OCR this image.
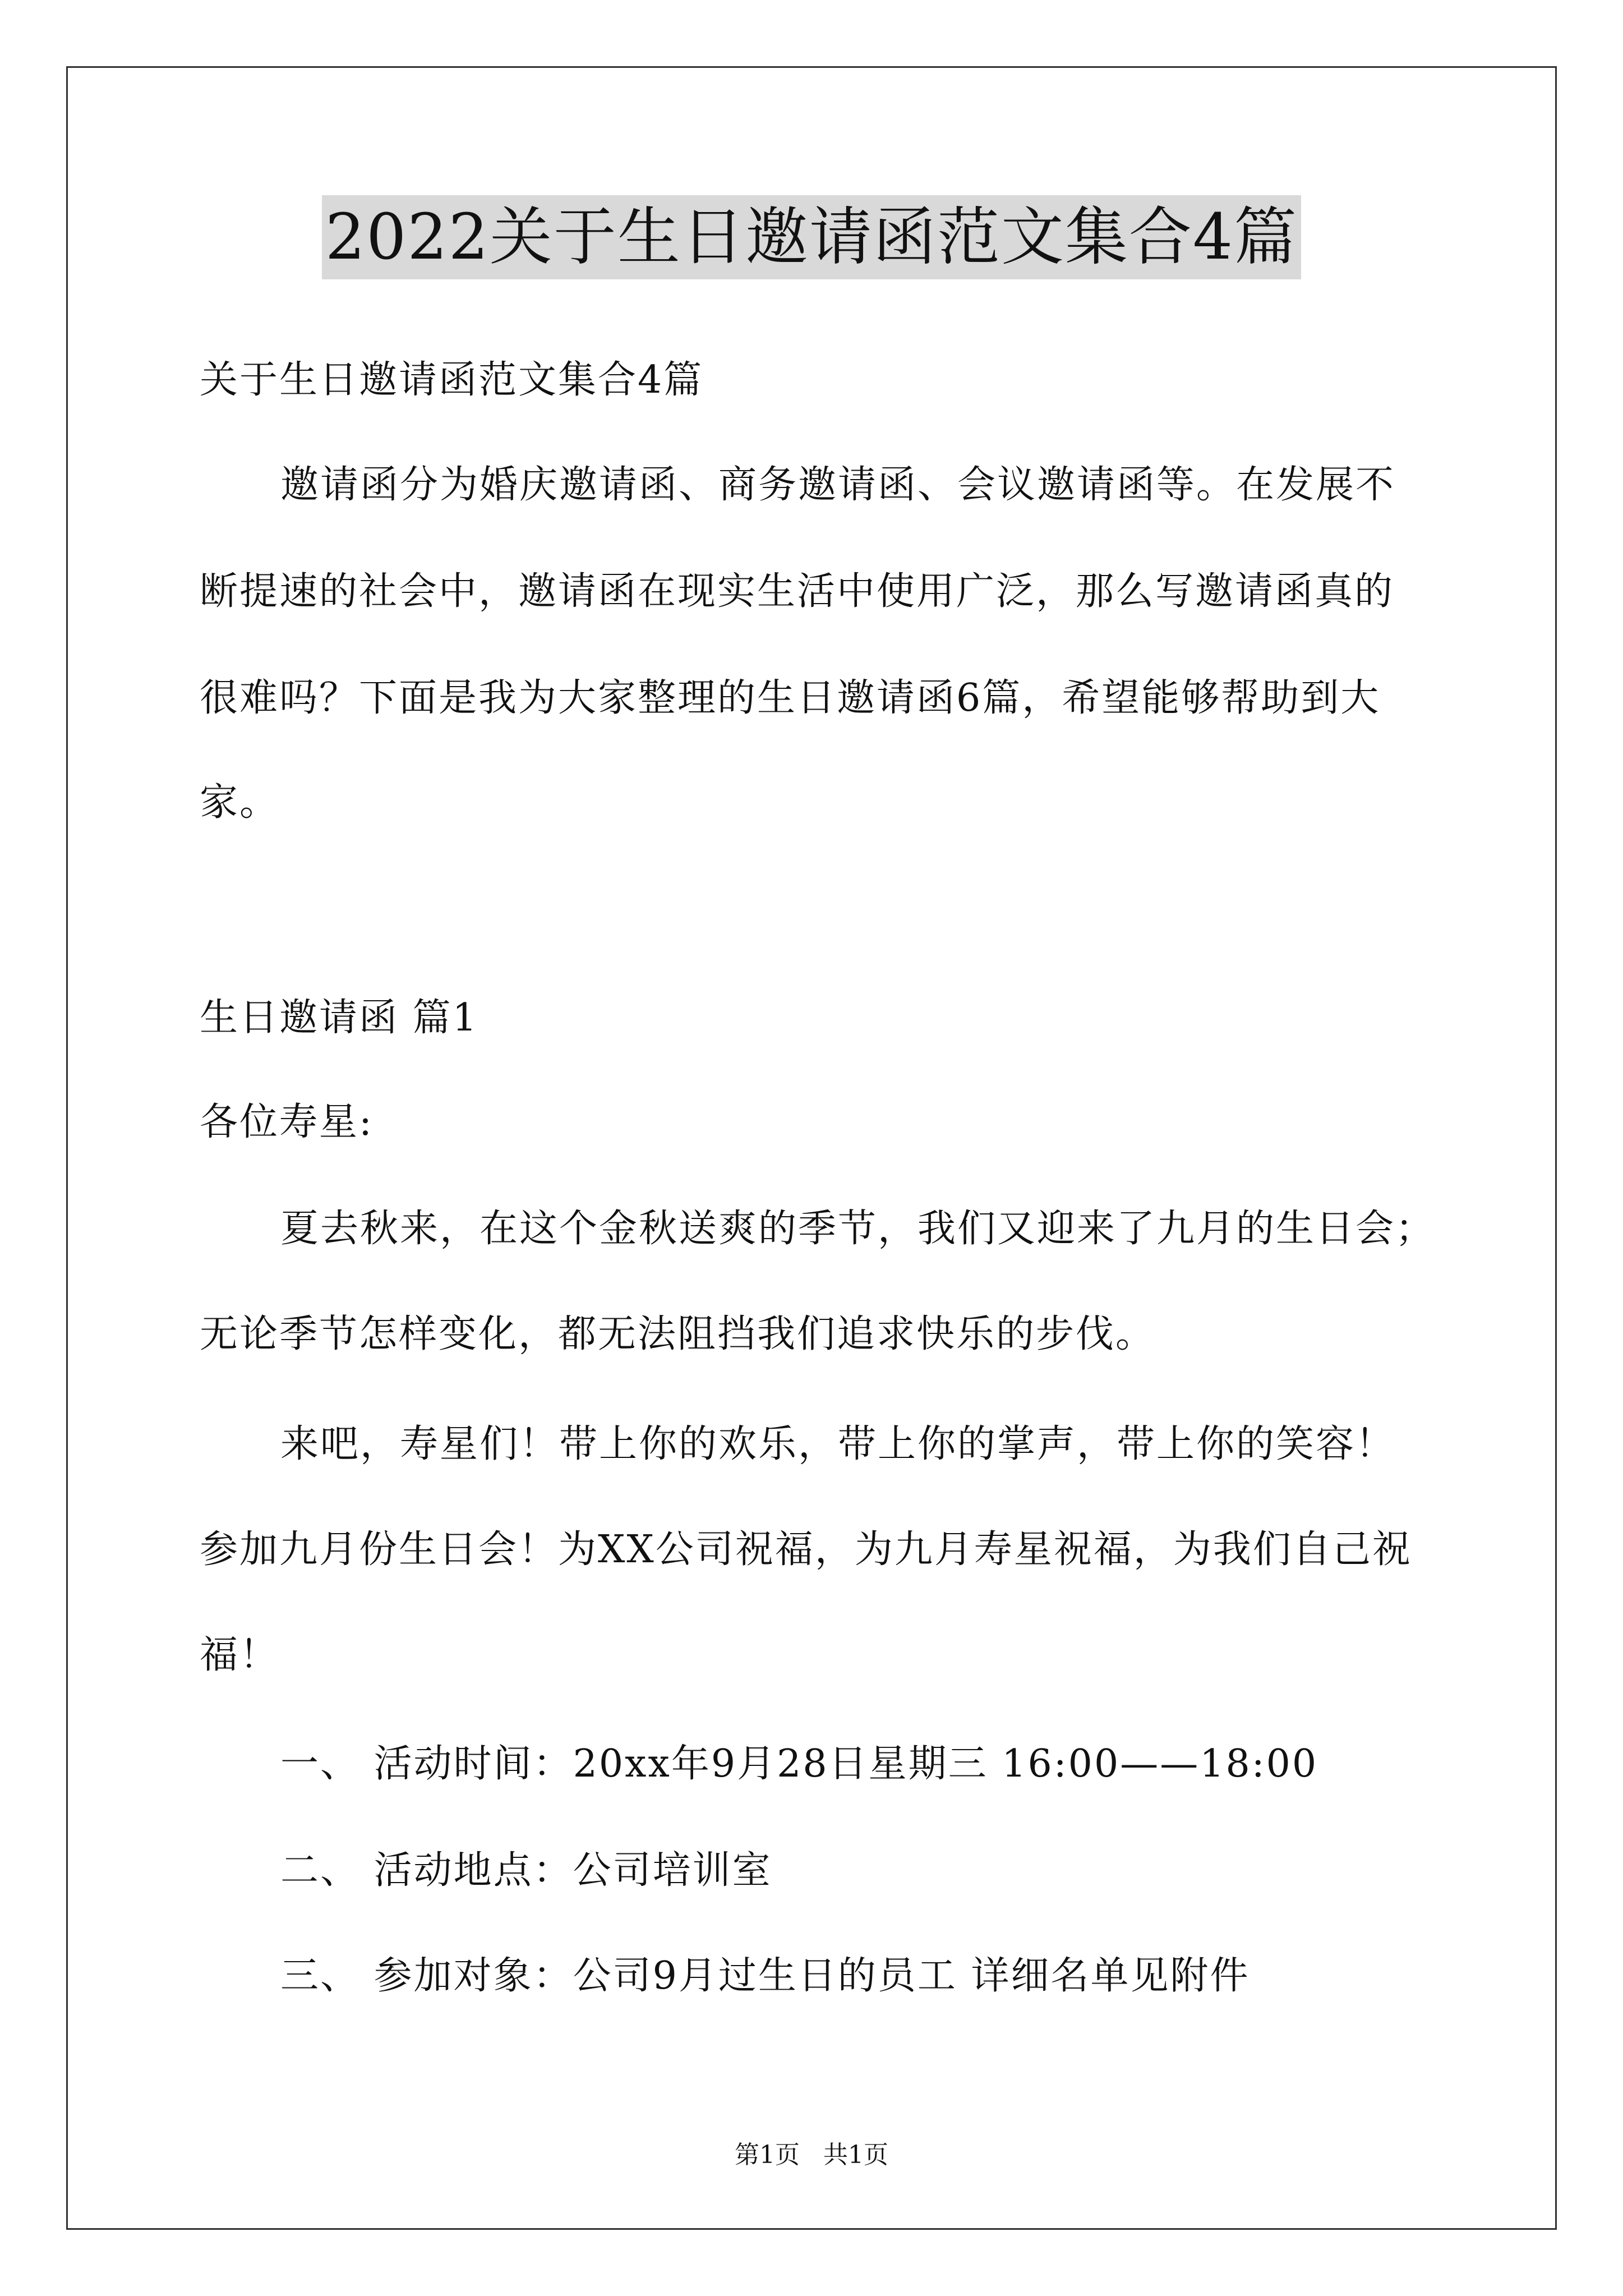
2022关于生日邀请函范文集合4篇
关于生日邀请函范文集合4篇
邀请函分为婚庆邀请函、商务邀请函、会议邀请函等。在发展不
断提速的社会中，邀请函在现实生活中使用广泛，那么写邀请函真的
很难吗？下面是我为大家整理的生日邀请函6篇，希望能够帮助到大
家。
生日邀请函 篇1
各位寿星:
夏去秋来，在这个金秋送爽的季节，我们又迎来了九月的生日会；
无论季节怎样变化，都无法阻挡我们追求快乐的步伐。
来吧，寿星们！带上你的欢乐，带上你的掌声，带上你的笑容！
参加九月份生日会！为XX公司祝福，为九月寿星祝福，为我们自己祝
福！
一、 活动时间：20xx年9月28日星期三 16:00——18:00
二、 活动地点：公司培训室
三、 参加对象：公司9月过生日的员工 详细名单见附件
第1页 共1页
